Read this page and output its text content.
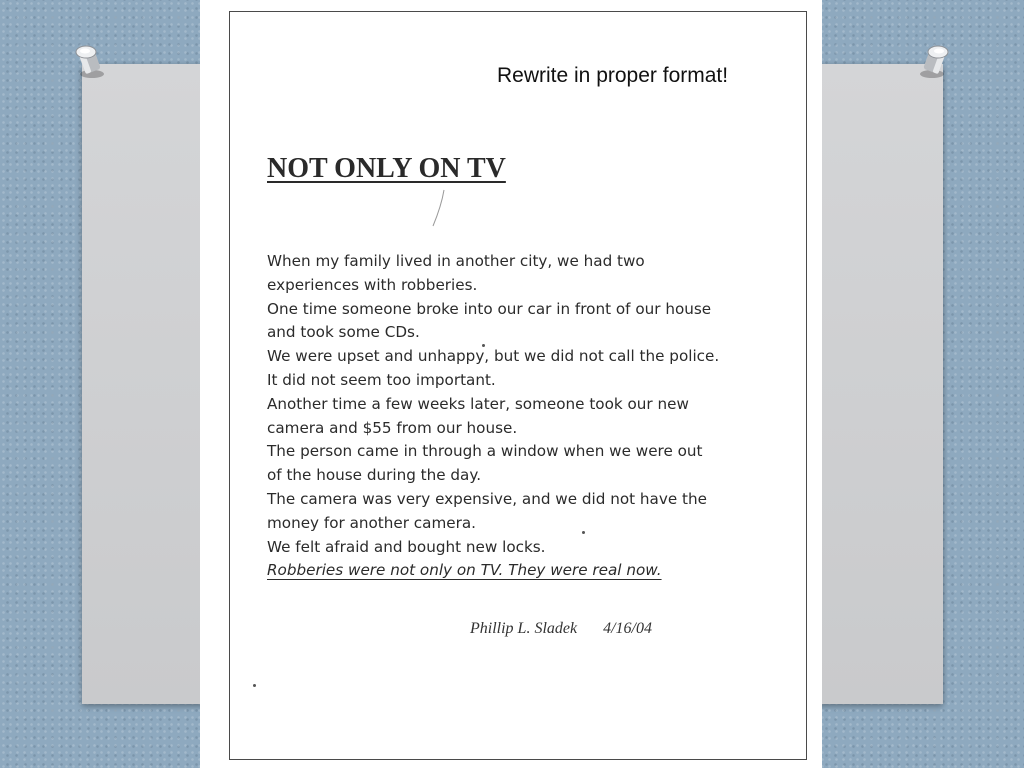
Rewrite in proper format!
NOT ONLY ON TV
When my family lived in another city, we had two
experiences with robberies.
One time someone broke into our car in front of our house
and took some CDs.
We were upset and unhappy, but we did not call the police.
It did not seem too important.
Another time a few weeks later, someone took our new
camera and $55 from our house.
The person came in through a window when we were out
of the house during the day.
The camera was very expensive, and we did not have the
money for another camera.
We felt afraid and bought new locks.
Robberies were not only on TV. They were real now.
Phillip L. Sladek 4/16/04
